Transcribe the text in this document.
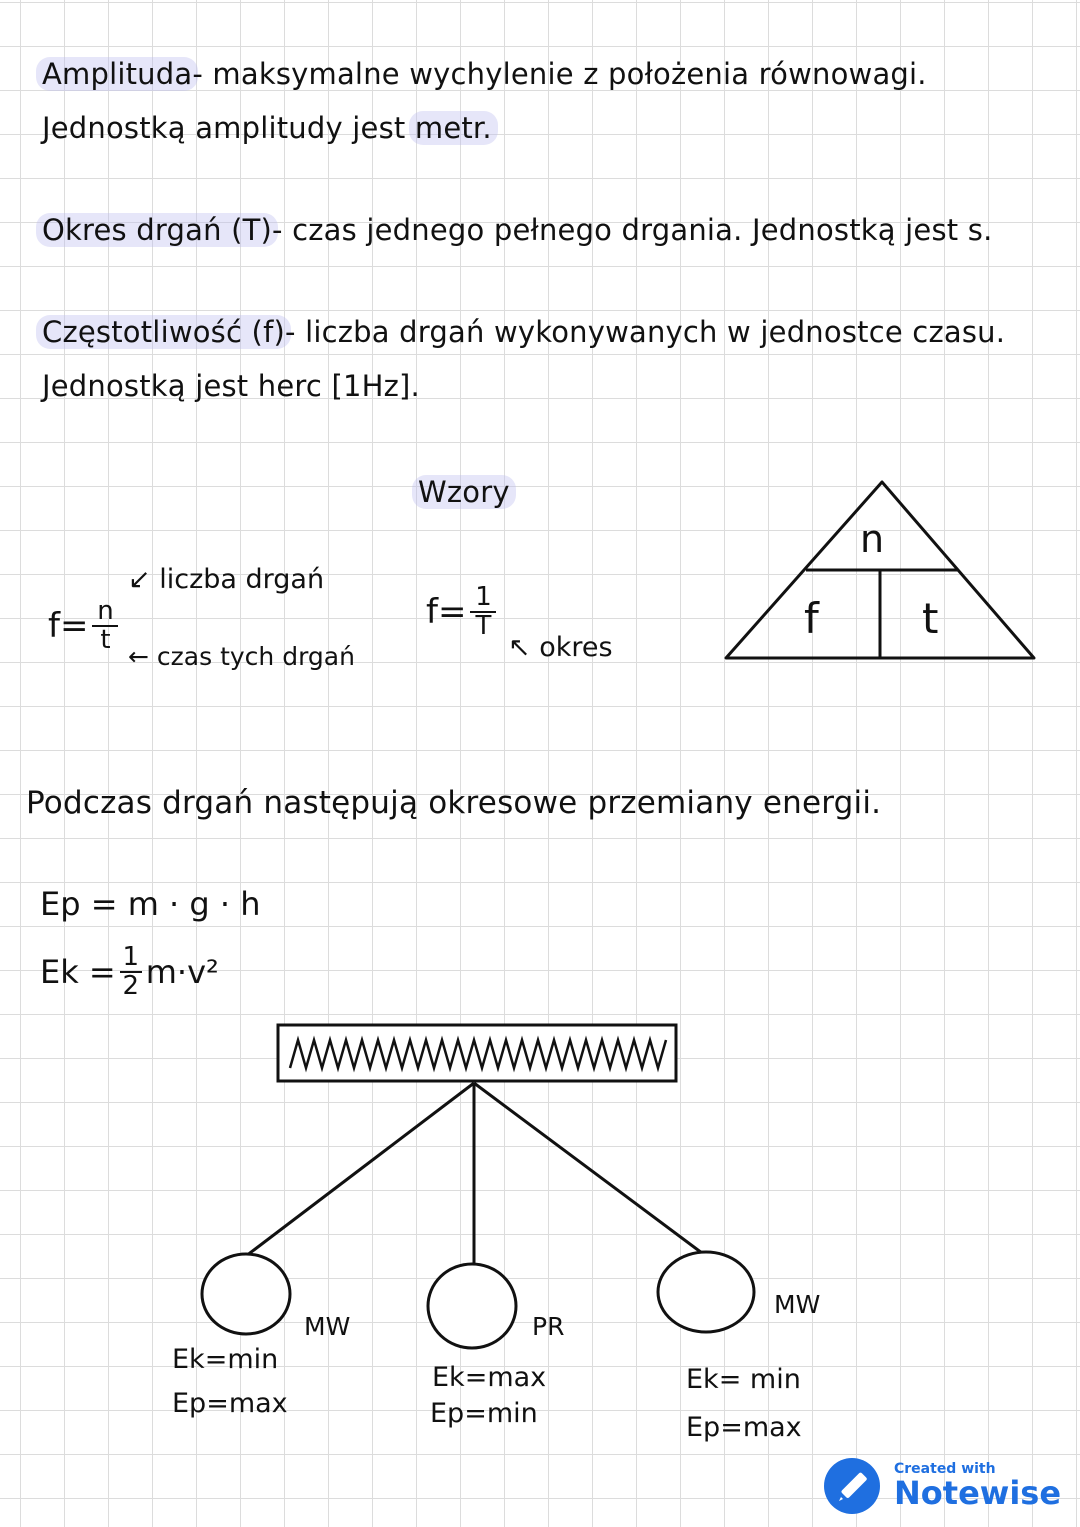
Amplituda- maksymalne wychylenie z położenia równowagi.
Jednostką amplitudy jest metr.
Okres drgań (T)- czas jednego pełnego drgania. Jednostką jest s.
Częstotliwość (f)- liczba drgań wykonywanych w jednostce czasu.
Jednostką jest herc [1Hz].
Wzory
f= n
t
↙ liczba drgań
← czas tych drgań
f= 1
T
↖ okres
n
f t
Podczas drgań następują okresowe przemiany energii.
Ep = m · g · h
Ek = 1
2 m·v²
MW
Ek=min
Ep=max
PR
Ek=max
Ep=min
MW
Ek= min
Ep=max
Created with
Notewise
